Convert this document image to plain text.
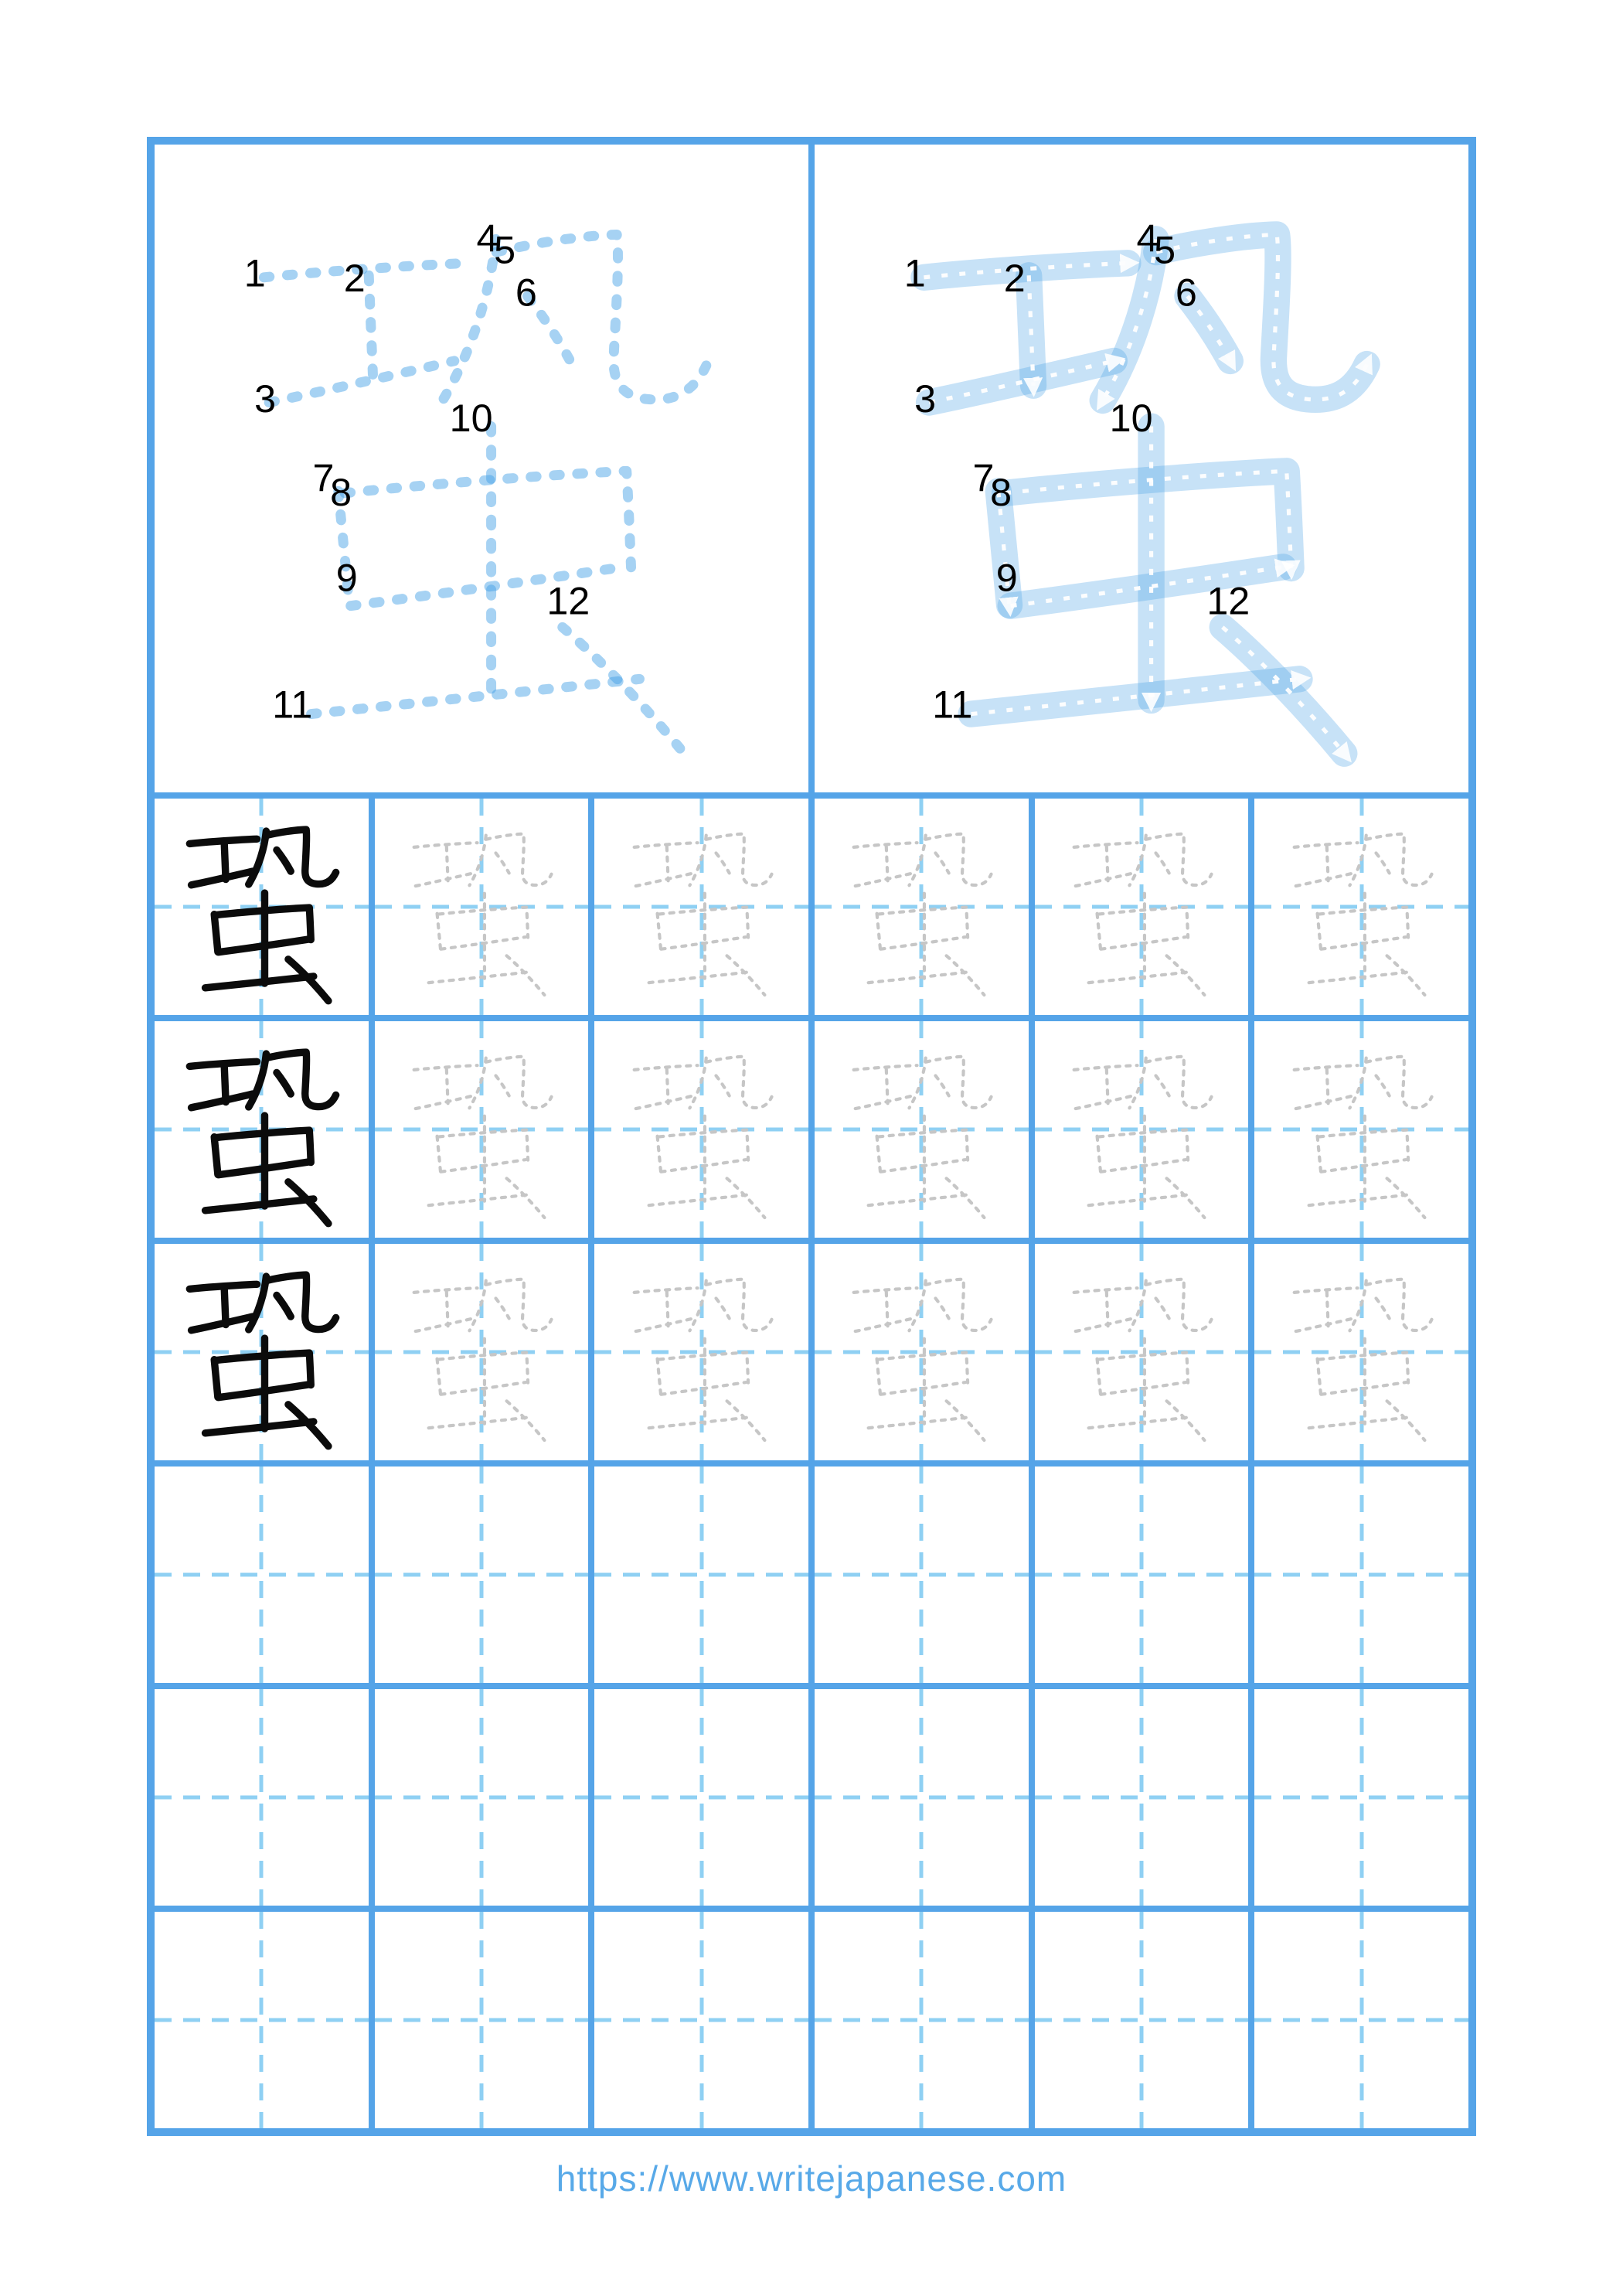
1	2
3
4
5
6
7
8
9
10
11
12
1	2
3
4
5
6
7
8
9
10
11
12
https://www.writejapanese.com
